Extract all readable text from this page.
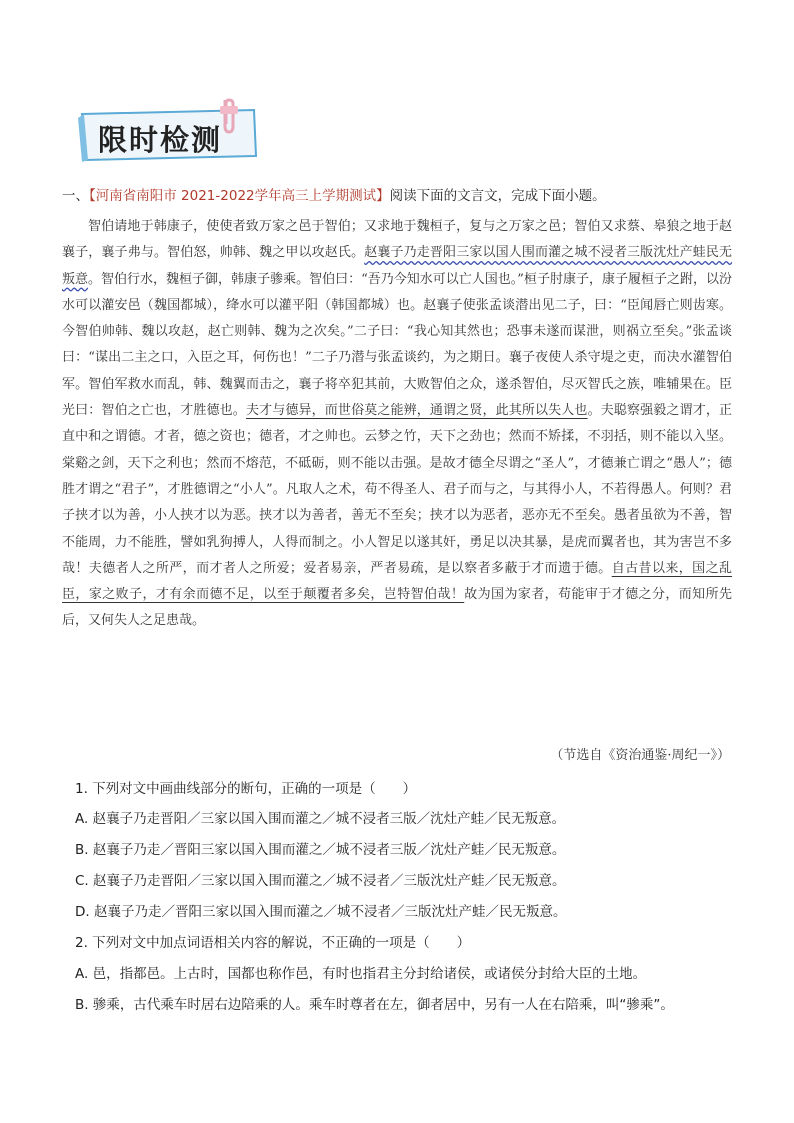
限时检测
一、【河南省南阳市 2021-2022学年高三上学期测试】阅读下面的文言文，完成下面小题。

智伯请地于韩康子，使使者致万家之邑于智伯；又求地于魏桓子，复与之万家之邑；智伯又求蔡、皋狼之地于赵襄子，襄子弗与。智伯怒，帅韩、魏之甲以攻赵氏。赵襄子乃走晋阳三家以国人围而灌之城不浸者三版沈灶产蛙民无叛意。智伯行水，魏桓子御，韩康子骖乘。智伯曰：“吾乃今知水可以亡人国也。”桓子肘康子，康子履桓子之跗，以汾水可以灌安邑（魏国都城），绛水可以灌平阳（韩国都城）也。赵襄子使张孟谈潜出见二子，曰：“臣闻唇亡则齿寒。今智伯帅韩、魏以攻赵，赵亡则韩、魏为之次矣。”二子曰：“我心知其然也；恐事未遂而谋泄，则祸立至矣。”张孟谈曰：“谋出二主之口，入臣之耳，何伤也！”二子乃潜与张孟谈约，为之期日。襄子夜使人杀守堤之吏，而决水灌智伯军。智伯军救水而乱，韩、魏翼而击之，襄子将卒犯其前，大败智伯之众，遂杀智伯，尽灭智氏之族，唯辅果在。臣光曰：智伯之亡也，才胜德也。夫才与德异，而世俗莫之能辨，通谓之贤，此其所以失人也。夫聪察强毅之谓才，正直中和之谓德。才者，德之资也；德者，才之帅也。云梦之竹，天下之劲也；然而不矫揉，不羽括，则不能以入坚。棠谿之剑，天下之利也；然而不熔范，不砥砺，则不能以击强。是故才德全尽谓之“圣人”，才德兼亡谓之“愚人”；德胜才谓之“君子”，才胜德谓之“小人”。凡取人之术，苟不得圣人、君子而与之，与其得小人，不若得愚人。何则？君子挟才以为善，小人挟才以为恶。挟才以为善者，善无不至矣；挟才以为恶者，恶亦无不至矣。愚者虽欲为不善，智不能周，力不能胜，譬如乳狗搏人，人得而制之。小人智足以遂其奸，勇足以决其暴，是虎而翼者也，其为害岂不多哉！夫德者人之所严，而才者人之所爱；爱者易亲，严者易疏，是以察者多蔽于才而遗于德。自古昔以来，国之乱臣，家之败子，才有余而德不足，以至于颠覆者多矣，岂特智伯哉！故为国为家者，苟能审于才德之分，而知所先后，又何失人之足患哉。

（节选自《资治通鉴·周纪一》）
1. 下列对文中画曲线部分的断句，正确的一项是（　　）
A. 赵襄子乃走晋阳／三家以国入围而灌之／城不浸者三版／沈灶产蛙／民无叛意。
B. 赵襄子乃走／晋阳三家以国入围而灌之／城不浸者三版／沈灶产蛙／民无叛意。
C. 赵襄子乃走晋阳／三家以国入围而灌之／城不浸者／三版沈灶产蛙／民无叛意。
D. 赵襄子乃走／晋阳三家以国入围而灌之／城不浸者／三版沈灶产蛙／民无叛意。
2. 下列对文中加点词语相关内容的解说，不正确的一项是（　　）
A. 邑，指都邑。上古时，国都也称作邑，有时也指君主分封给诸侯，或诸侯分封给大臣的土地。
B. 骖乘，古代乘车时居右边陪乘的人。乘车时尊者在左，御者居中，另有一人在右陪乘，叫“骖乘”。
